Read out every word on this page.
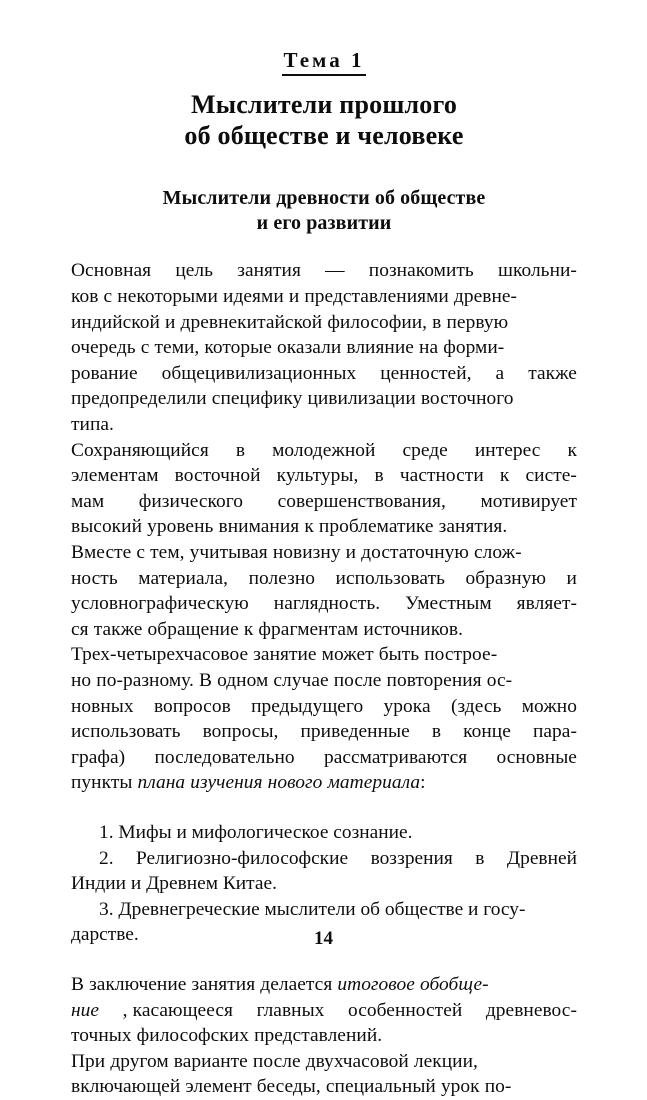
Тема 1
Мыслители прошлого
об обществе и человеке
Мыслители древности об обществе
и его развитии

Основная цель занятия — познакомить школьни-
ков с некоторыми идеями и представлениями древне-
индийской и древнекитайской философии, в первую
очередь с теми, которые оказали влияние на форми-
рование общецивилизационных ценностей, а также
предопределили специфику цивилизации восточного
типа.

Сохраняющийся в молодежной среде интерес к
элементам восточной культуры, в частности к систе-
мам физического совершенствования, мотивирует
высокий уровень внимания к проблематике занятия.
Вместе с тем, учитывая новизну и достаточную слож-
ность материала, полезно использовать образную и
условнографическую наглядность. Уместным являет-
ся также обращение к фрагментам источников.

Трех-четырехчасовое занятие может быть построе-
но по-разному. В одном случае после повторения ос-
новных вопросов предыдущего урока (здесь можно
использовать вопросы, приведенные в конце пара-
графа) последовательно рассматриваются основные
пункты плана изучения нового материала:

1. Мифы и мифологическое сознание.
2. Религиозно-философские воззрения в Древней
Индии и Древнем Китае.
3. Древнегреческие мыслители об обществе и госу-
дарстве.

В заключение занятия делается итоговое обобще-
ние , касающееся главных особенностей древневос-
точных философских представлений.

При другом варианте после двухчасовой лекции,
включающей элемент беседы, специальный урок по-

14
